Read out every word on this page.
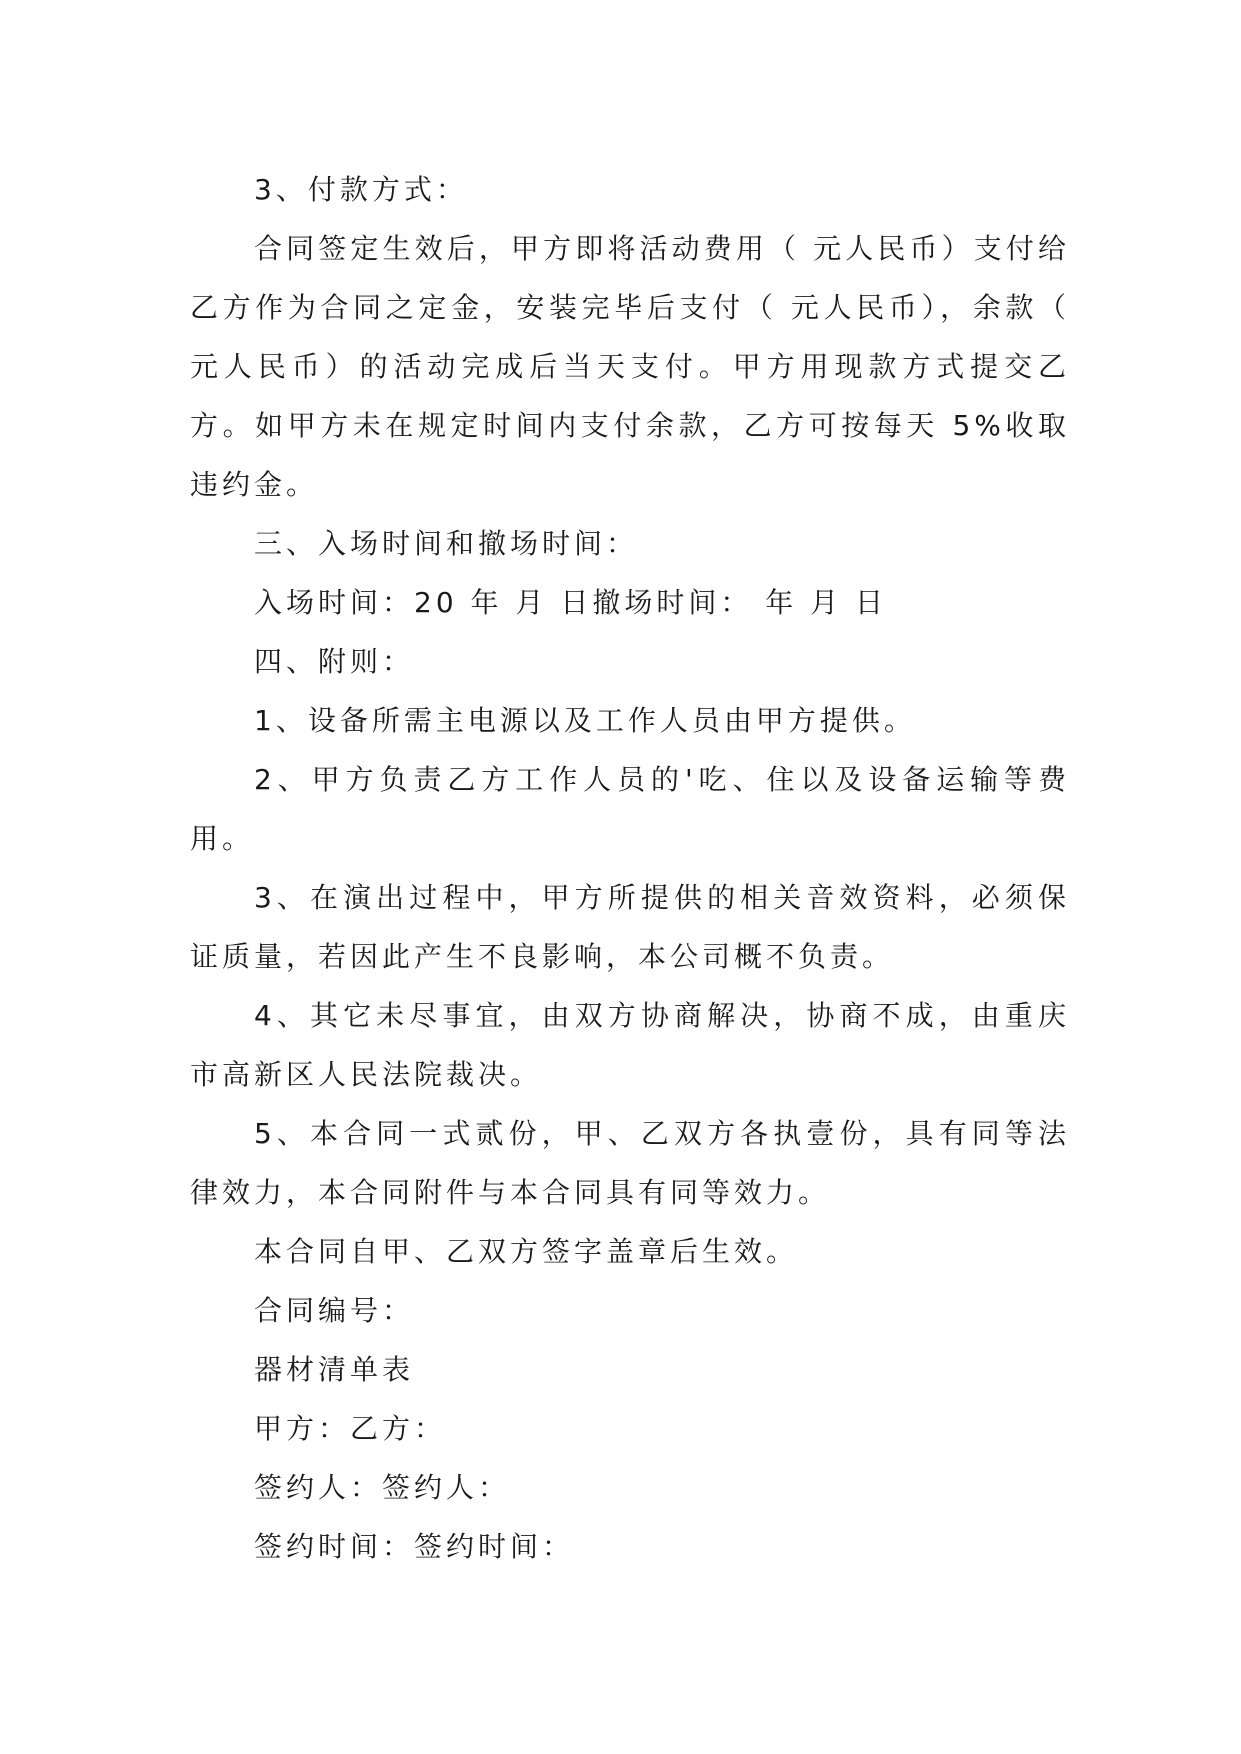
3、付款方式：

合同签定生效后，甲方即将活动费用（ 元人民币）支付给乙方作为合同之定金，安装完毕后支付（ 元人民币），余款（ 元人民币）的活动完成后当天支付。甲方用现款方式提交乙方。如甲方未在规定时间内支付余款，乙方可按每天 5%收取违约金。

三、入场时间和撤场时间：

入场时间：20 年 月 日撤场时间： 年 月 日

四、附则：

1、设备所需主电源以及工作人员由甲方提供。

2、甲方负责乙方工作人员的'吃、住以及设备运输等费用。

3、在演出过程中，甲方所提供的相关音效资料，必须保证质量，若因此产生不良影响，本公司概不负责。

4、其它未尽事宜，由双方协商解决，协商不成，由重庆市高新区人民法院裁决。

5、本合同一式贰份，甲、乙双方各执壹份，具有同等法律效力，本合同附件与本合同具有同等效力。

本合同自甲、乙双方签字盖章后生效。

合同编号：

器材清单表

甲方：乙方：

签约人：签约人：

签约时间：签约时间：
